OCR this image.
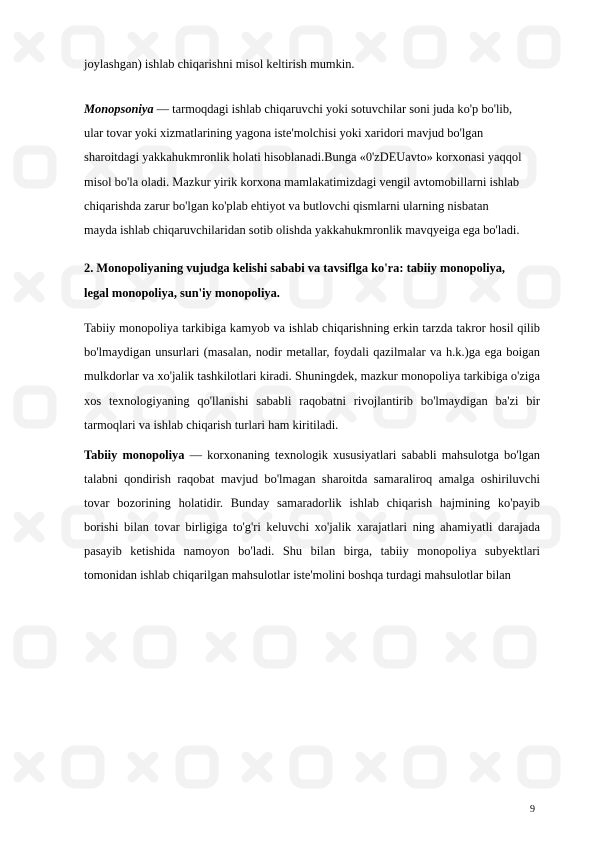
joylashgan) ishlab chiqarishni misol keltirish mumkin.

Monopsoniya — tarmoqdagi ishlab chiqaruvchi yoki sotuvchilar soni juda ko'p bo'lib, ular tovar yoki xizmatlarining yagona iste'molchisi yoki xaridori mavjud bo'lgan sharoitdagi yakkahukmronlik holati hisoblanadi.Bunga «0'zDEUavto» korxonasi yaqqol misol bo'la oladi. Mazkur yirik korxona mamlakatimizdagi vengil avtomobillarni ishlab chiqarishda zarur bo'lgan ko'plab ehtiyot va butlovchi qismlarni ularning nisbatan mayda ishlab chiqaruvchilaridan sotib olishda yakkahukmronlik mavqyeiga ega bo'ladi.

2. Monopoliyaning vujudga kelishi sababi va tavsiflga ko'ra: tabiiy monopoliya, legal monopoliya, sun'iy monopoliya.

Tabiiy monopoliya tarkibiga kamyob va ishlab chiqarishning erkin tarzda takror hosil qilib bo'lmaydigan unsurlari (masalan, nodir metallar, foydali qazilmalar va h.k.)ga ega boigan mulkdorlar va xo'jalik tashkilotlari kiradi. Shuningdek, mazkur monopoliya tarkibiga o'ziga xos texnologiyaning qo'llanishi sababli raqobatni rivojlantirib bo'lmaydigan ba'zi bir tarmoqlari va ishlab chiqarish turlari ham kiritiladi.

Tabiiy monopoliya — korxonaning texnologik xususiyatlari sababli mahsulotga bo'lgan talabni qondirish raqobat mavjud bo'lmagan sharoitda samaraliroq amalga oshiriluvchi tovar bozorining holatidir. Bunday samaradorlik ishlab chiqarish hajmining ko'payib borishi bilan tovar birligiga to'g'ri keluvchi xo'jalik xarajatlari ning ahamiyatli darajada pasayib ketishida namoyon bo'ladi. Shu bilan birga, tabiiy monopoliya subyektlari tomonidan ishlab chiqarilgan mahsulotlar iste'molini boshqa turdagi mahsulotlar bilan

9
